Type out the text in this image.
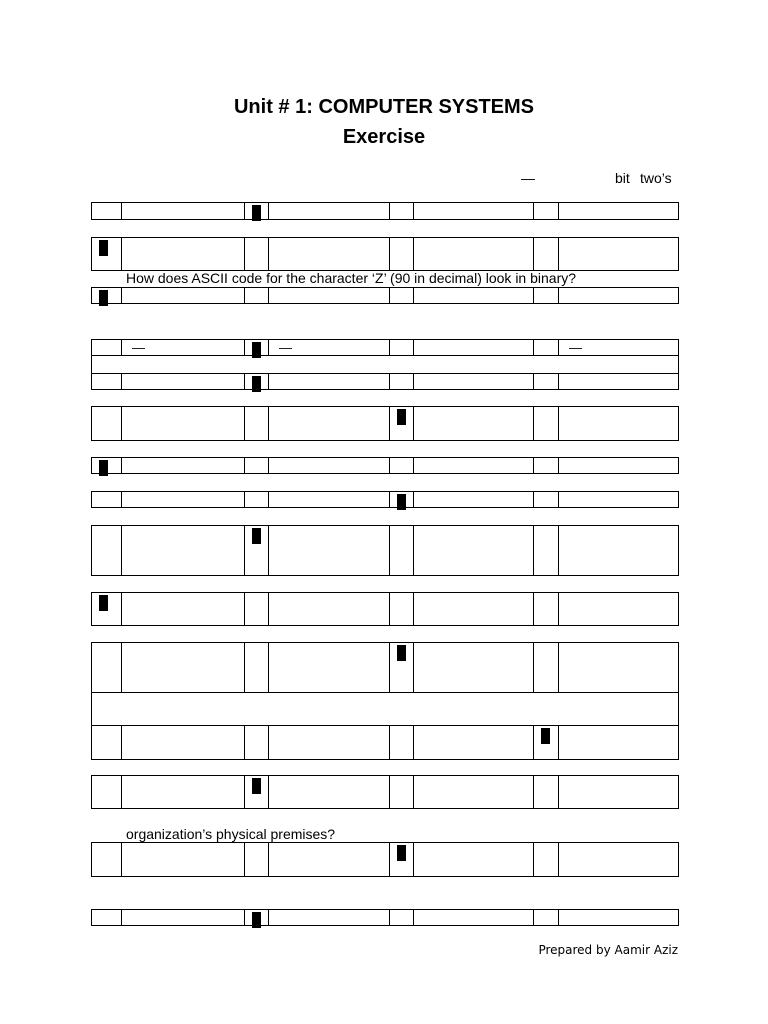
Unit # 1: COMPUTER SYSTEMS
Exercise
—	bit two’s
How does ASCII code for the character ‘Z’ (90 in decimal) look in binary?
organization’s physical premises?
—	—	—
Prepared by Aamir Aziz
